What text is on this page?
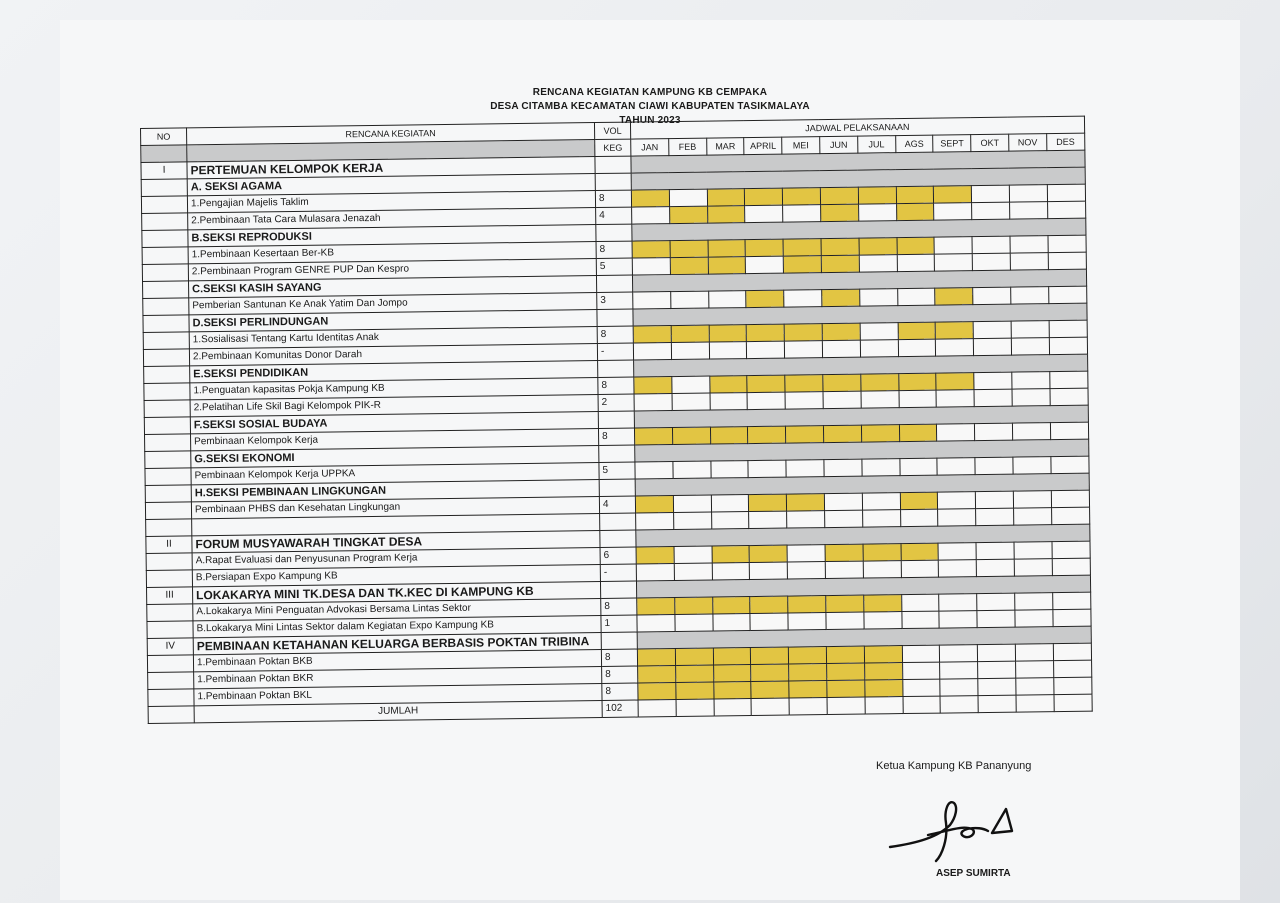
RENCANA KEGIATAN KAMPUNG KB CEMPAKA
DESA CITAMBA KECAMATAN CIAWI KABUPATEN TASIKMALAYA
TAHUN 2023
NO	RENCANA KEGIATAN	VOL	JADWAL PELAKSANAAN											
		KEG	JAN	FEB	MAR	APRIL	MEI	JUN	JUL	AGS	SEPT	OKT	NOV	DES
I	PERTEMUAN KELOMPOK KERJA													
	A. SEKSI AGAMA													
	1.Pengajian Majelis Taklim	8												
	2.Pembinaan Tata Cara Mulasara Jenazah	4												
	B.SEKSI REPRODUKSI													
	1.Pembinaan Kesertaan Ber-KB	8												
	2.Pembinaan Program GENRE PUP Dan Kespro	5												
	C.SEKSI KASIH SAYANG													
	Pemberian Santunan Ke Anak Yatim Dan Jompo	3												
	D.SEKSI PERLINDUNGAN													
	1.Sosialisasi Tentang Kartu Identitas Anak	8												
	2.Pembinaan Komunitas Donor Darah	-												
	E.SEKSI PENDIDIKAN													
	1.Penguatan kapasitas Pokja Kampung KB	8												
	2.Pelatihan Life Skil Bagi Kelompok PIK-R	2												
	F.SEKSI SOSIAL BUDAYA													
	Pembinaan Kelompok Kerja	8												
	G.SEKSI EKONOMI													
	Pembinaan Kelompok Kerja UPPKA	5												
	H.SEKSI PEMBINAAN LINGKUNGAN													
	Pembinaan PHBS dan Kesehatan Lingkungan	4												

II	FORUM MUSYAWARAH TINGKAT DESA													
	A.Rapat Evaluasi dan Penyusunan Program Kerja	6												
	B.Persiapan Expo Kampung KB	-												
III	LOKAKARYA MINI TK.DESA DAN TK.KEC DI KAMPUNG KB													
	A.Lokakarya Mini Penguatan Advokasi Bersama Lintas Sektor	8												
	B.Lokakarya Mini Lintas Sektor dalam Kegiatan Expo Kampung KB	1												
IV	PEMBINAAN KETAHANAN KELUARGA BERBASIS POKTAN TRIBINA													
	1.Pembinaan Poktan BKB	8												
	1.Pembinaan Poktan BKR	8												
	1.Pembinaan Poktan BKL	8												
	JUMLAH	102												
Ketua Kampung KB Pananyung
ASEP SUMIRTA
